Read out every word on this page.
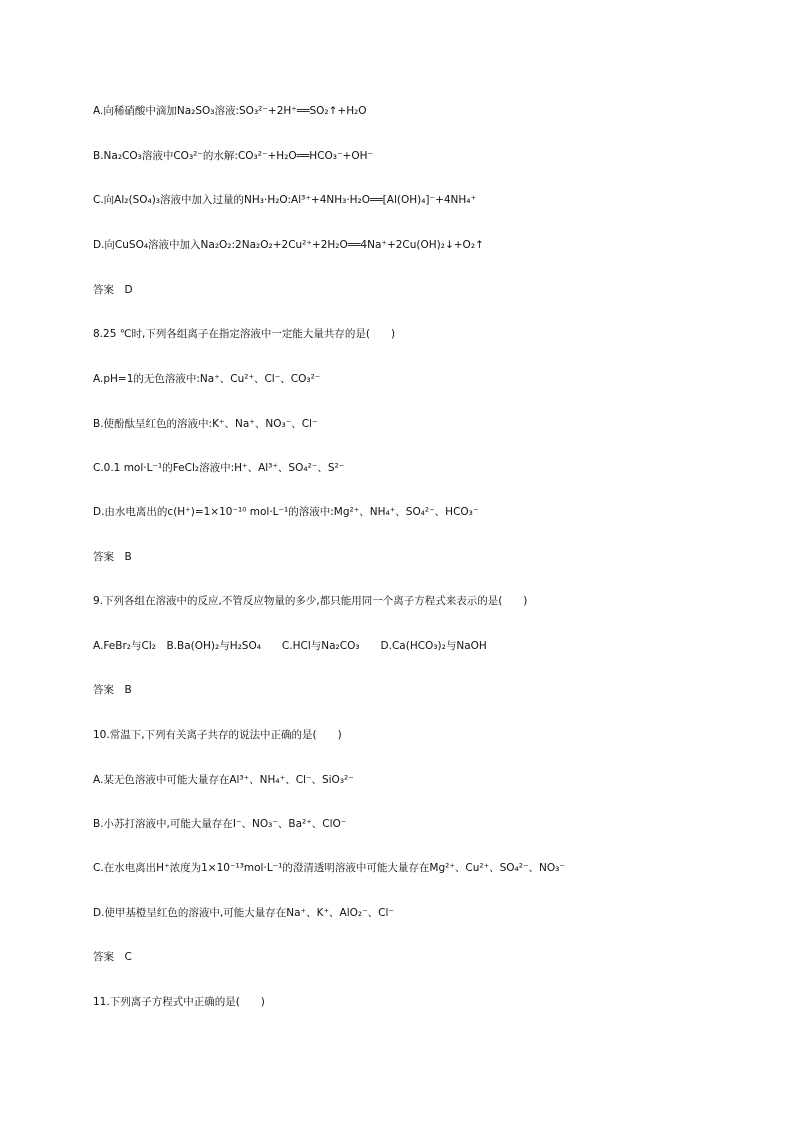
A.向稀硝酸中滴加Na₂SO₃溶液:SO₃²⁻+2H⁺══SO₂↑+H₂O
B.Na₂CO₃溶液中CO₃²⁻的水解:CO₃²⁻+H₂O══HCO₃⁻+OH⁻
C.向Al₂(SO₄)₃溶液中加入过量的NH₃·H₂O:Al³⁺+4NH₃·H₂O══[Al(OH)₄]⁻+4NH₄⁺
D.向CuSO₄溶液中加入Na₂O₂:2Na₂O₂+2Cu²⁺+2H₂O══4Na⁺+2Cu(OH)₂↓+O₂↑
答案　D
8.25 ℃时,下列各组离子在指定溶液中一定能大量共存的是(　　)
A.pH=1的无色溶液中:Na⁺、Cu²⁺、Cl⁻、CO₃²⁻
B.使酚酞呈红色的溶液中:K⁺、Na⁺、NO₃⁻、Cl⁻
C.0.1 mol·L⁻¹的FeCl₂溶液中:H⁺、Al³⁺、SO₄²⁻、S²⁻
D.由水电离出的c(H⁺)=1×10⁻¹⁰ mol·L⁻¹的溶液中:Mg²⁺、NH₄⁺、SO₄²⁻、HCO₃⁻
答案　B
9.下列各组在溶液中的反应,不管反应物量的多少,都只能用同一个离子方程式来表示的是(　　)
A.FeBr₂与Cl₂　B.Ba(OH)₂与H₂SO₄　　C.HCl与Na₂CO₃　　D.Ca(HCO₃)₂与NaOH
答案　B
10.常温下,下列有关离子共存的说法中正确的是(　　)
A.某无色溶液中可能大量存在Al³⁺、NH₄⁺、Cl⁻、SiO₃²⁻
B.小苏打溶液中,可能大量存在I⁻、NO₃⁻、Ba²⁺、ClO⁻
C.在水电离出H⁺浓度为1×10⁻¹³mol·L⁻¹的澄清透明溶液中可能大量存在Mg²⁺、Cu²⁺、SO₄²⁻、NO₃⁻
D.使甲基橙呈红色的溶液中,可能大量存在Na⁺、K⁺、AlO₂⁻、Cl⁻
答案　C
11.下列离子方程式中正确的是(　　)
